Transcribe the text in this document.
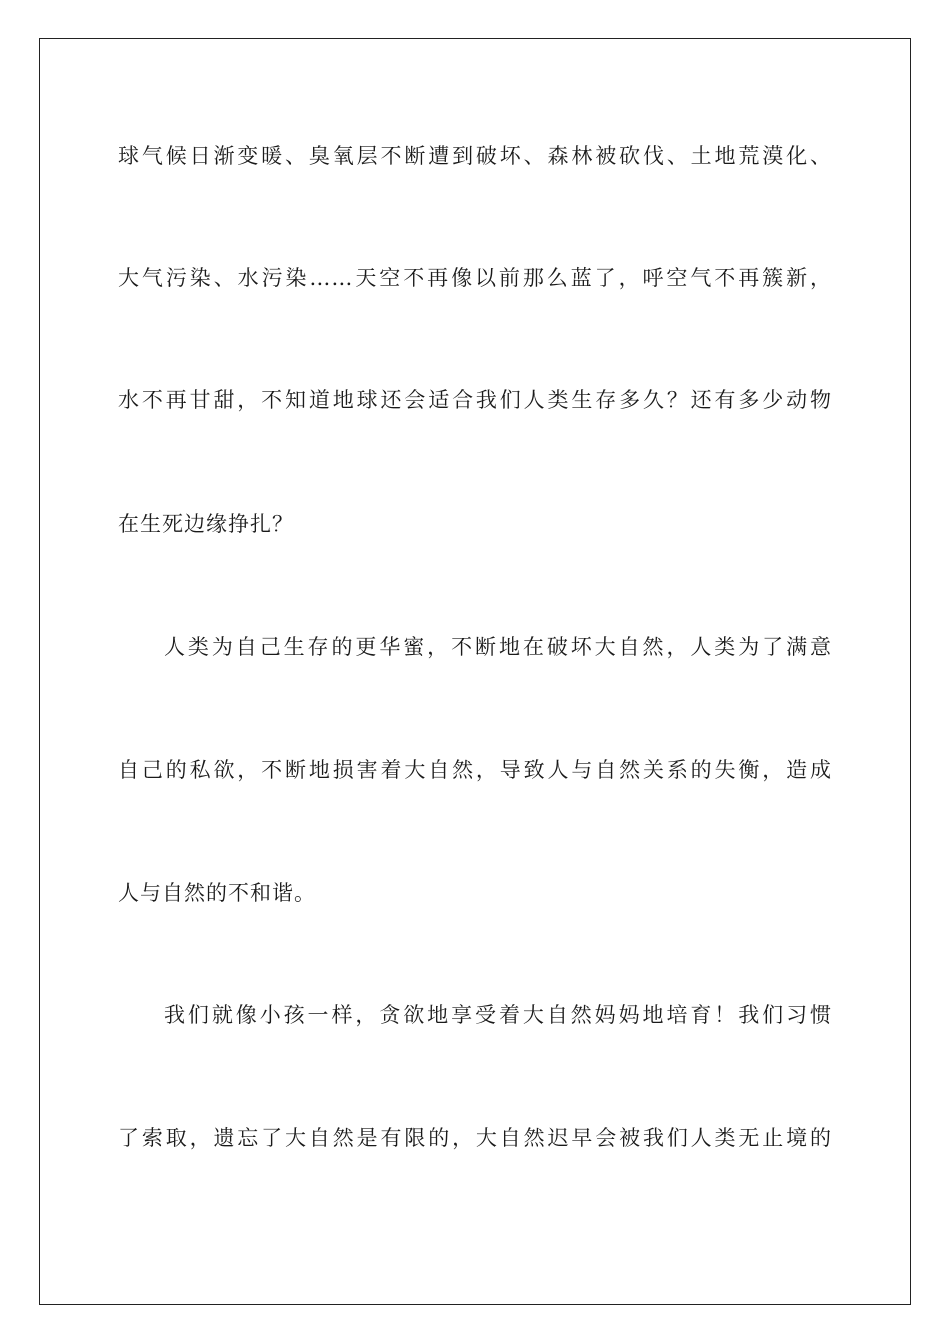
球气候日渐变暖、臭氧层不断遭到破坏、森林被砍伐、土地荒漠化、
大气污染、水污染……天空不再像以前那么蓝了，呼空气不再簇新，
水不再甘甜，不知道地球还会适合我们人类生存多久？还有多少动物
在生死边缘挣扎？
人类为自己生存的更华蜜，不断地在破坏大自然，人类为了满意
自己的私欲，不断地损害着大自然，导致人与自然关系的失衡，造成
人与自然的不和谐。
我们就像小孩一样，贪欲地享受着大自然妈妈地培育！我们习惯
了索取，遗忘了大自然是有限的，大自然迟早会被我们人类无止境的
